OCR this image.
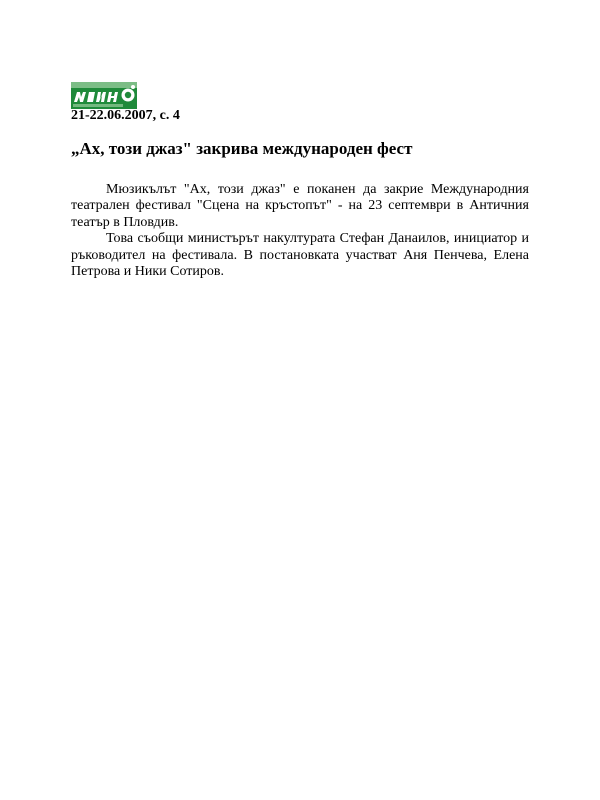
21-22.06.2007, с. 4
„Ах, този джаз" закрива международен фест

Мюзикълът "Ах, този джаз" е поканен да закрие Международния театрален фестивал "Сцена на кръстопът" - на 23 септември в Античния театър в Пловдив.

Това съобщи министърът накултурата Стефан Данаилов, инициатор и ръководител на фестивала. В постановката участват Аня Пенчева, Елена Петрова и Ники Сотиров.
